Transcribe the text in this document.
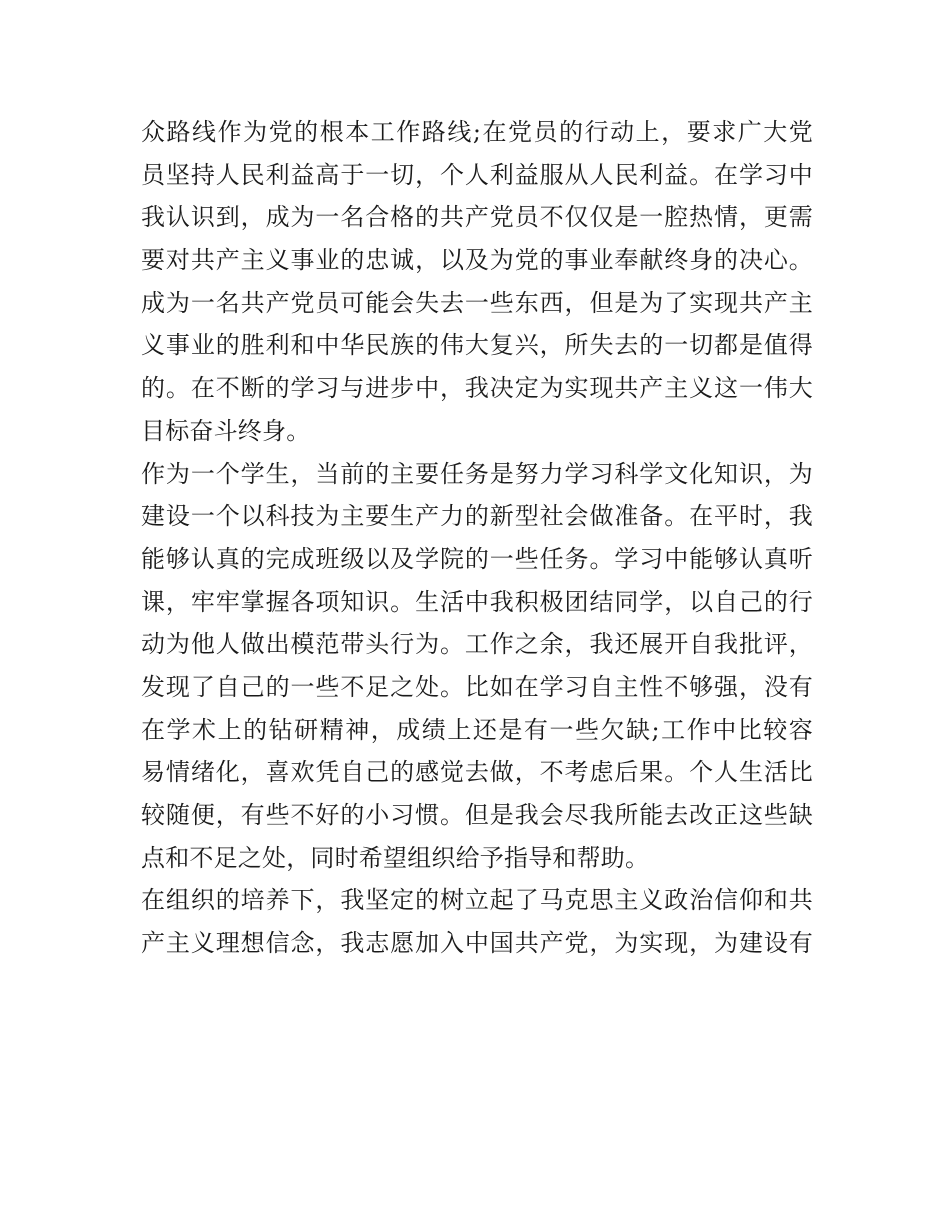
众路线作为党的根本工作路线;在党员的行动上，要求广大党
员坚持人民利益高于一切，个人利益服从人民利益。在学习中
我认识到，成为一名合格的共产党员不仅仅是一腔热情，更需
要对共产主义事业的忠诚，以及为党的事业奉献终身的决心。
成为一名共产党员可能会失去一些东西，但是为了实现共产主
义事业的胜利和中华民族的伟大复兴，所失去的一切都是值得
的。在不断的学习与进步中，我决定为实现共产主义这一伟大
目标奋斗终身。
作为一个学生，当前的主要任务是努力学习科学文化知识，为
建设一个以科技为主要生产力的新型社会做准备。在平时，我
能够认真的完成班级以及学院的一些任务。学习中能够认真听
课，牢牢掌握各项知识。生活中我积极团结同学，以自己的行
动为他人做出模范带头行为。工作之余，我还展开自我批评，
发现了自己的一些不足之处。比如在学习自主性不够强，没有
在学术上的钻研精神，成绩上还是有一些欠缺;工作中比较容
易情绪化，喜欢凭自己的感觉去做，不考虑后果。个人生活比
较随便，有些不好的小习惯。但是我会尽我所能去改正这些缺
点和不足之处，同时希望组织给予指导和帮助。
在组织的培养下，我坚定的树立起了马克思主义政治信仰和共
产主义理想信念，我志愿加入中国共产党，为实现，为建设有
